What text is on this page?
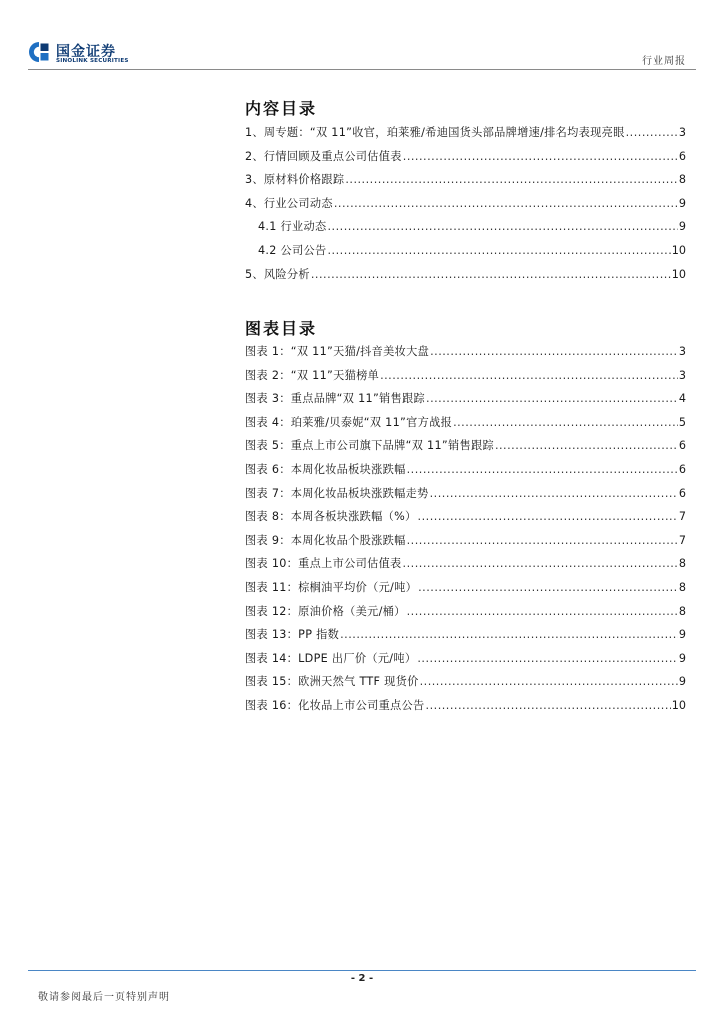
国金证券
SINOLINK SECURITIES	行业周报
内容目录
1、周专题：“双 11”收官，珀莱雅/希迪国货头部品牌增速/排名均表现亮眼 .....	3
2、行情回顾及重点公司估值表 .....	6
3、原材料价格跟踪 .....	8
4、行业公司动态 .....	9
4.1 行业动态 .....	9
4.2 公司公告 .....	10
5、风险分析 .....	10
图表目录
图表 1：“双 11”天猫/抖音美妆大盘 .....	3
图表 2：“双 11”天猫榜单 .....	3
图表 3：重点品牌“双 11”销售跟踪 .....	4
图表 4：珀莱雅/贝泰妮“双 11”官方战报 .....	5
图表 5：重点上市公司旗下品牌“双 11”销售跟踪 .....	6
图表 6：本周化妆品板块涨跌幅 .....	6
图表 7：本周化妆品板块涨跌幅走势 .....	6
图表 8：本周各板块涨跌幅（%） .....	7
图表 9：本周化妆品个股涨跌幅 .....	7
图表 10：重点上市公司估值表 .....	8
图表 11：棕榈油平均价（元/吨） .....	8
图表 12：原油价格（美元/桶） .....	8
图表 13：PP 指数 .....	9
图表 14：LDPE 出厂价（元/吨） .....	9
图表 15：欧洲天然气 TTF 现货价 .....	9
图表 16：化妆品上市公司重点公告 .....	10
- 2 -
敬请参阅最后一页特别声明
